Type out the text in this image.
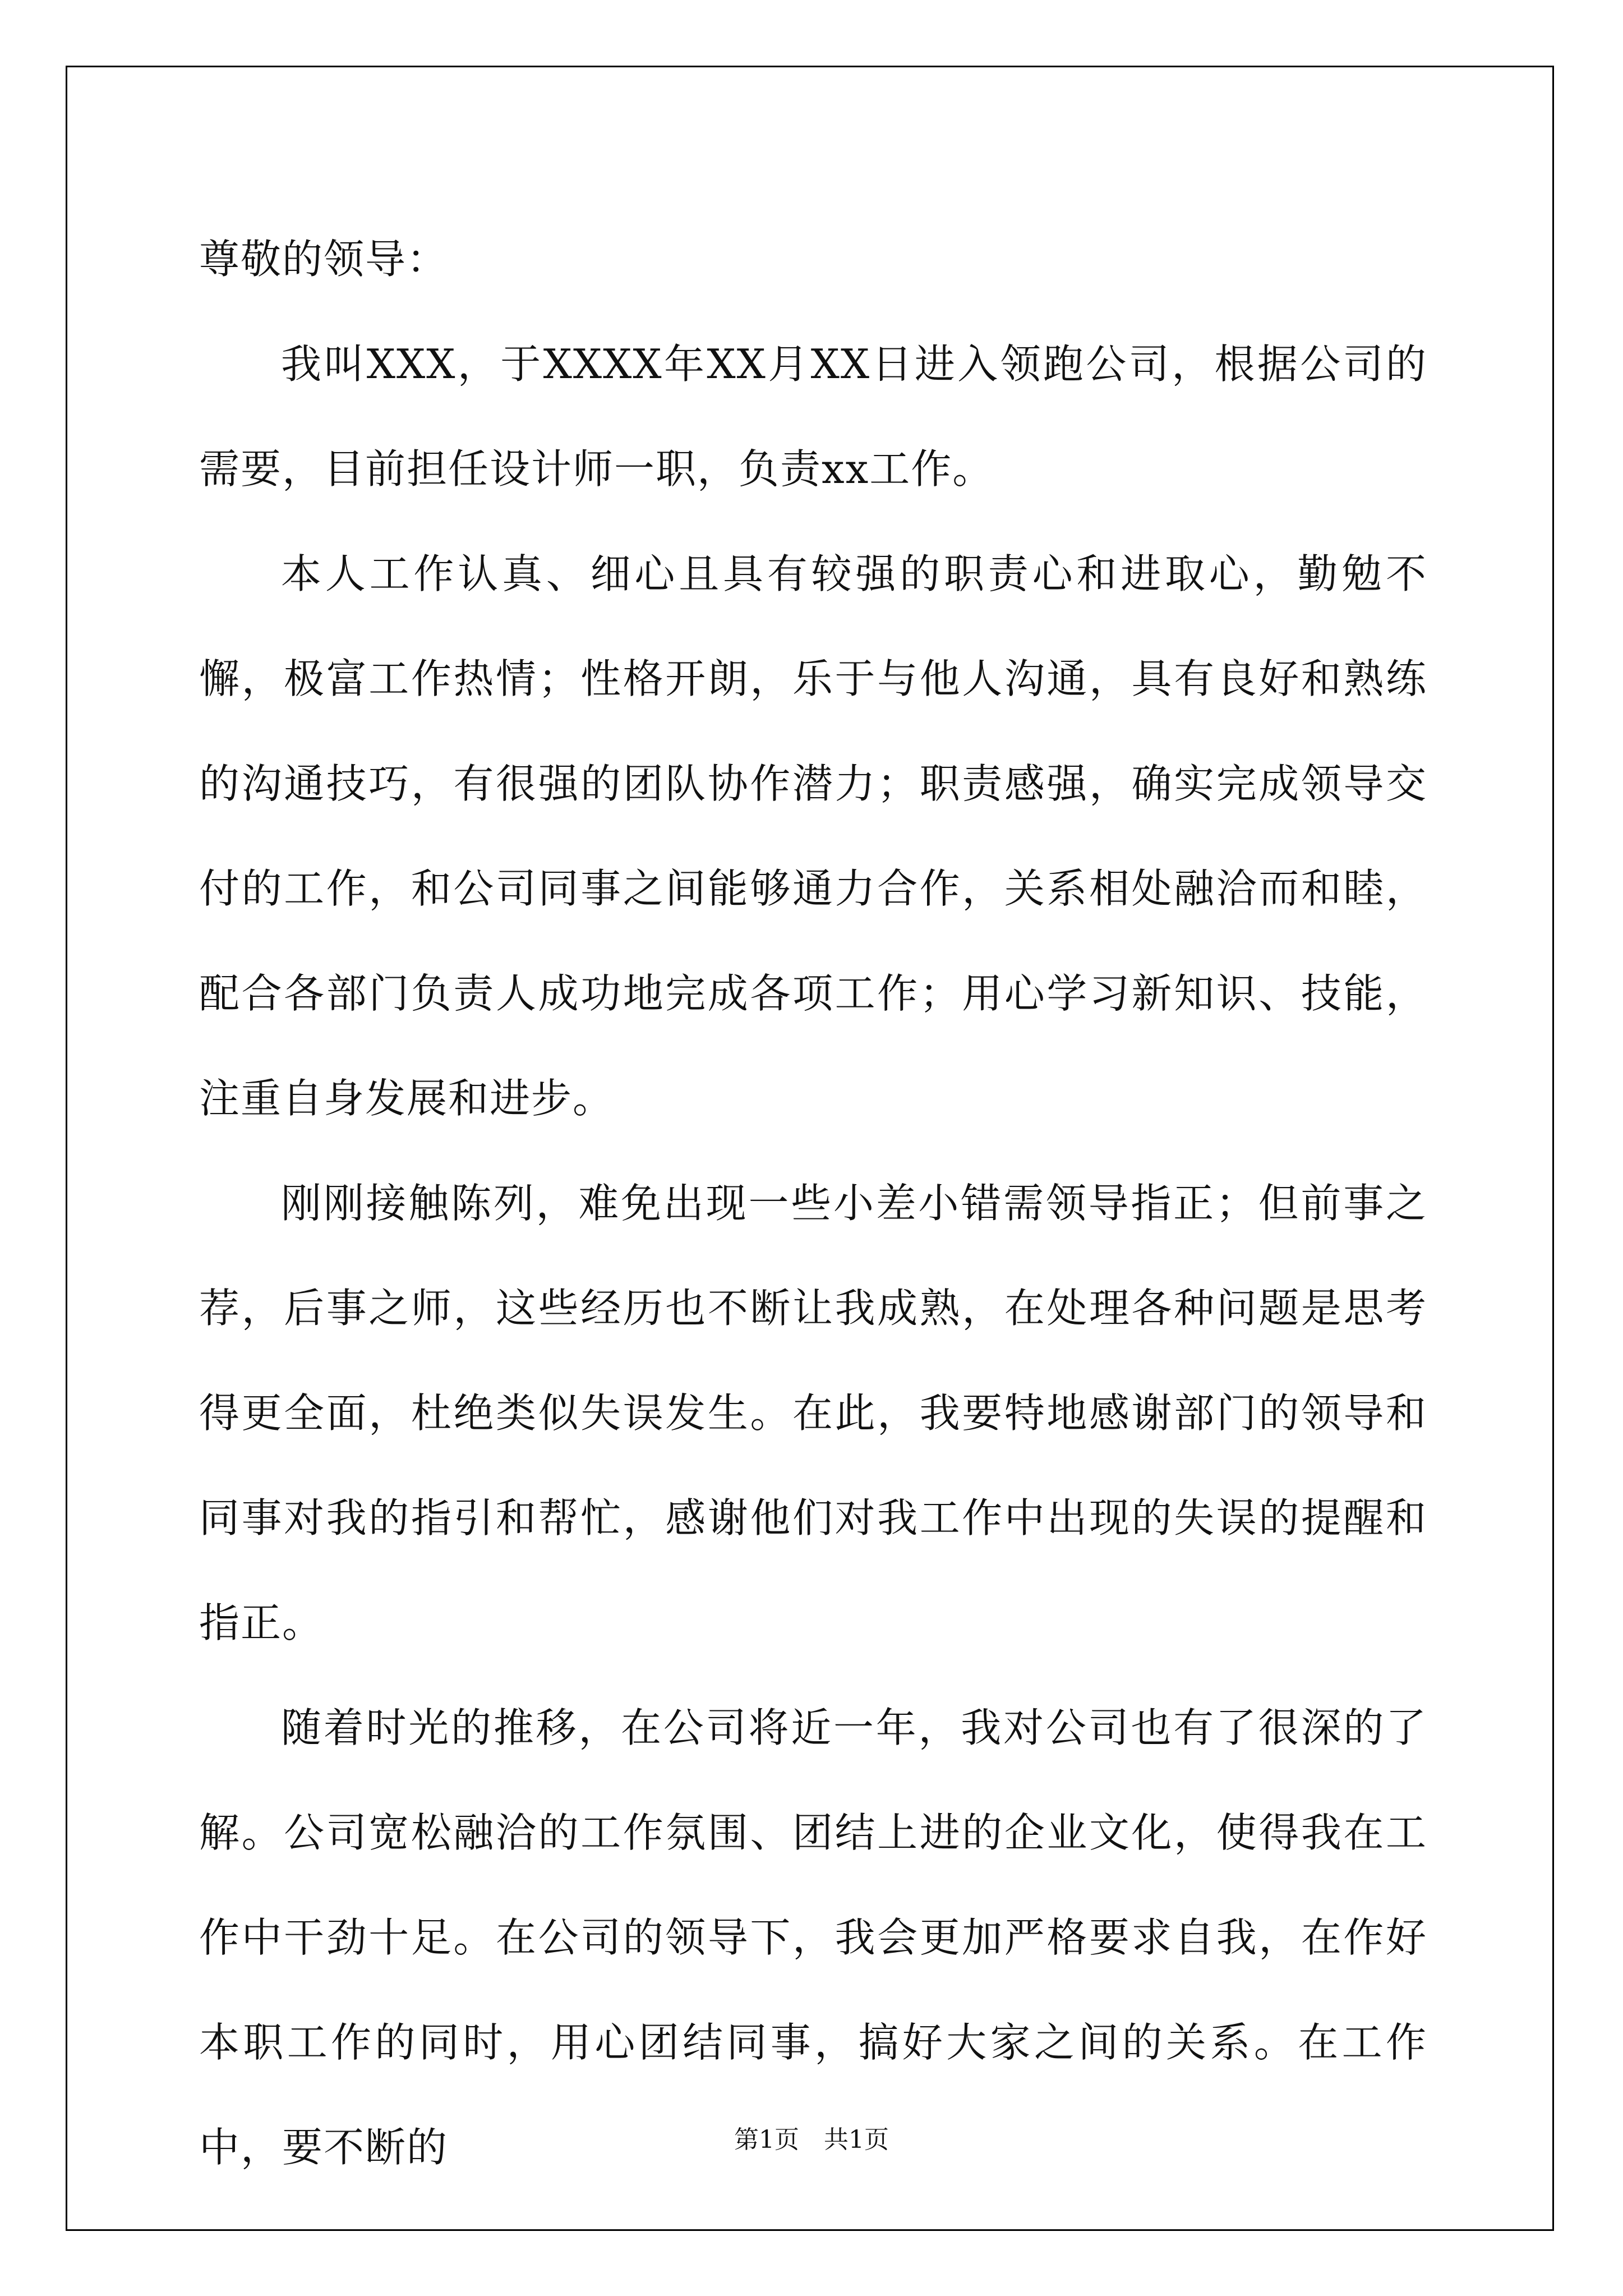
尊敬的领导：

我叫XXX，于XXXX年XX月XX日进入领跑公司，根据公司的需要，目前担任设计师一职，负责xx工作。

本人工作认真、细心且具有较强的职责心和进取心，勤勉不懈，极富工作热情；性格开朗，乐于与他人沟通，具有良好和熟练的沟通技巧，有很强的团队协作潜力；职责感强，确实完成领导交付的工作，和公司同事之间能够通力合作，关系相处融洽而和睦，配合各部门负责人成功地完成各项工作；用心学习新知识、技能，注重自身发展和进步。

刚刚接触陈列，难免出现一些小差小错需领导指正；但前事之荐，后事之师，这些经历也不断让我成熟，在处理各种问题是思考得更全面，杜绝类似失误发生。在此，我要特地感谢部门的领导和同事对我的指引和帮忙，感谢他们对我工作中出现的失误的提醒和指正。

随着时光的推移，在公司将近一年，我对公司也有了很深的了解。公司宽松融洽的工作氛围、团结上进的企业文化，使得我在工作中干劲十足。在公司的领导下，我会更加严格要求自我，在作好本职工作的同时，用心团结同事，搞好大家之间的关系。在工作中，要不断的	第1页 共1页
